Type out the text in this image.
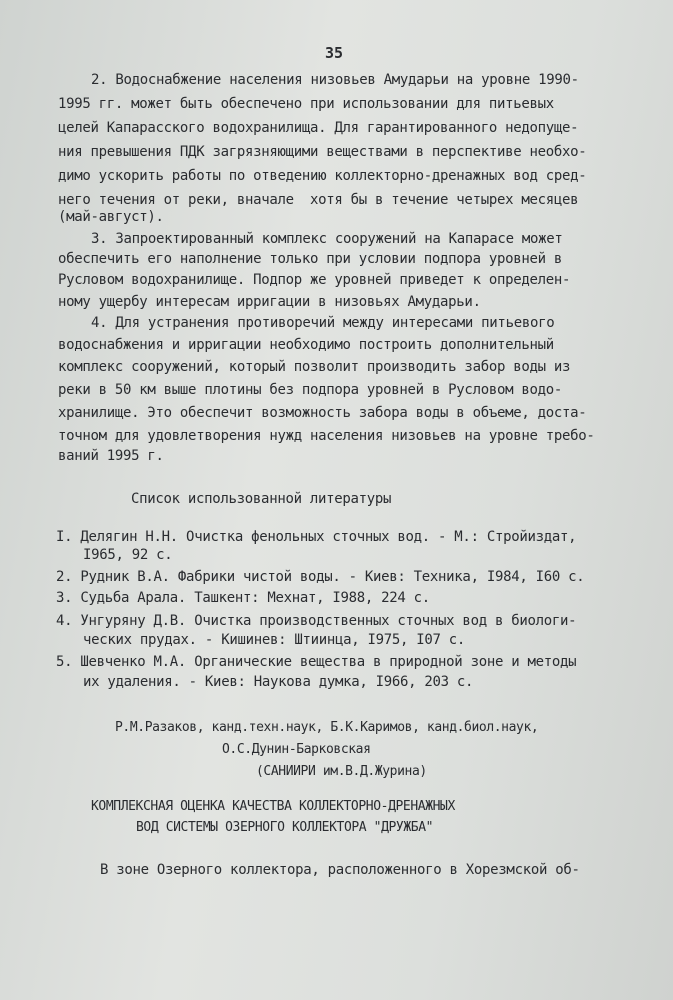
35
2. Водоснабжение населения низовьев Амударьи на уровне 1990-
1995 гг. может быть обеспечено при использовании для питьевых
целей Капарасского водохранилища. Для гарантированного недопуще-
ния превышения ПДК загрязняющими веществами в перспективе необхо-
димо ускорить работы по отведению коллекторно-дренажных вод сред-
него течения от реки, вначале  хотя бы в течение четырех месяцев
(май-август).
3. Запроектированный комплекс сооружений на Капарасе может
обеспечить его наполнение только при условии подпора уровней в
Русловом водохранилище. Подпор же уровней приведет к определен-
ному ущербу интересам ирригации в низовьях Амударьи.
4. Для устранения противоречий между интересами питьевого
водоснабжения и ирригации необходимо построить дополнительный
комплекс сооружений, который позволит производить забор воды из
реки в 50 км выше плотины без подпора уровней в Русловом водо-
хранилище. Это обеспечит возможность забора воды в объеме, доста-
точном для удовлетворения нужд населения низовьев на уровне требо-
ваний 1995 г.
Список использованной литературы
I. Делягин Н.Н. Очистка фенольных сточных вод. - М.: Стройиздат,
I965, 92 с.
2. Рудник В.А. Фабрики чистой воды. - Киев: Техника, I984, I60 с.
3. Судьба Арала. Ташкент: Мехнат, I988, 224 с.
4. Унгуряну Д.В. Очистка производственных сточных вод в биологи-
ческих прудах. - Кишинев: Штиинца, I975, I07 с.
5. Шевченко М.А. Органические вещества в природной зоне и методы
их удаления. - Киев: Наукова думка, I966, 203 с.
Р.М.Разаков, канд.техн.наук, Б.К.Каримов, канд.биол.наук,
О.С.Дунин-Барковская
(САНИИРИ им.В.Д.Журина)
КОМПЛЕКСНАЯ ОЦЕНКА КАЧЕСТВА КОЛЛЕКТОРНО-ДРЕНАЖНЫХ
ВОД СИСТЕМЫ ОЗЕРНОГО КОЛЛЕКТОРА "ДРУЖБА"
В зоне Озерного коллектора, расположенного в Хорезмской об-
